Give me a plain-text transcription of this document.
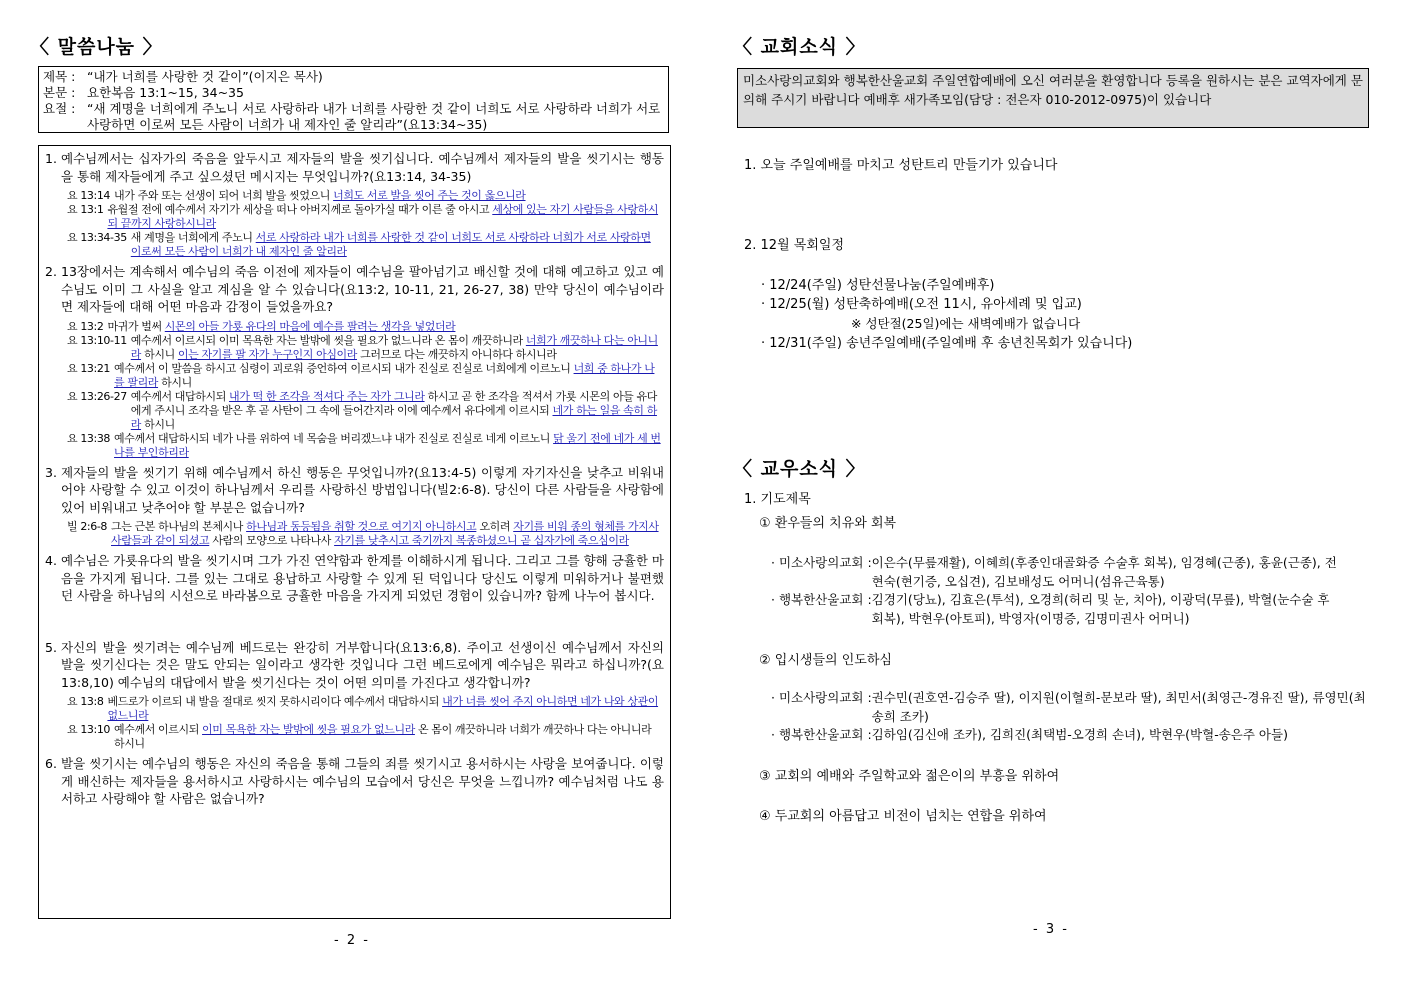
〈 말씀나눔 〉
제목 : “내가 너희를 사랑한 것 같이”(이지은 목사)
본문 : 요한복음 13:1~15, 34~35
요절 : “새 계명을 너희에게 주노니 서로 사랑하라 내가 너희를 사랑한 것 같이 너희도 서로 사랑하라 너희가 서로 사랑하면 이로써 모든 사람이 너희가 내 제자인 줄 알리라”(요13:34~35)
1. 예수님께서는 십자가의 죽음을 앞두시고 제자들의 발을 씻기십니다. 예수님께서 제자들의 발을 씻기시는 행동을 통해 제자들에게 주고 싶으셨던 메시지는 무엇입니까?(요13:14, 34-35)
요 13:14 내가 주와 또는 선생이 되어 너희 발을 씻었으니 너희도 서로 발을 씻어 주는 것이 옳으니라
요 13:1 유월절 전에 예수께서 자기가 세상을 떠나 아버지께로 돌아가실 때가 이른 줄 아시고 세상에 있는 자기 사람들을 사랑하시되 끝까지 사랑하시니라
요 13:34-35 새 계명을 너희에게 주노니 서로 사랑하라 내가 너희를 사랑한 것 같이 너희도 서로 사랑하라 너희가 서로 사랑하면 이로써 모든 사람이 너희가 내 제자인 줄 알리라
2. 13장에서는 계속해서 예수님의 죽음 이전에 제자들이 예수님을 팔아넘기고 배신할 것에 대해 예고하고 있고 예수님도 이미 그 사실을 알고 계심을 알 수 있습니다(요13:2, 10-11, 21, 26-27, 38) 만약 당신이 예수님이라면 제자들에 대해 어떤 마음과 감정이 들었을까요?
요 13:2 마귀가 벌써 시몬의 아들 가룟 유다의 마음에 예수를 팔려는 생각을 넣었더라
요 13:10-11 예수께서 이르시되 이미 목욕한 자는 발밖에 씻을 필요가 없느니라 온 몸이 깨끗하니라 너희가 깨끗하나 다는 아니니라 하시니 이는 자기를 팔 자가 누구인지 아심이라 그러므로 다는 깨끗하지 아니하다 하시니라
요 13:21 예수께서 이 말씀을 하시고 심령이 괴로워 증언하여 이르시되 내가 진실로 진실로 너희에게 이르노니 너희 중 하나가 나를 팔리라 하시니
요 13:26-27 예수께서 대답하시되 내가 떡 한 조각을 적셔다 주는 자가 그니라 하시고 곧 한 조각을 적셔서 가룟 시몬의 아들 유다에게 주시니 조각을 받은 후 곧 사탄이 그 속에 들어간지라 이에 예수께서 유다에게 이르시되 네가 하는 일을 속히 하라 하시니
요 13:38 예수께서 대답하시되 네가 나를 위하여 네 목숨을 버리겠느냐 내가 진실로 진실로 네게 이르노니 닭 울기 전에 네가 세 번 나를 부인하리라
3. 제자들의 발을 씻기기 위해 예수님께서 하신 행동은 무엇입니까?(요13:4-5) 이렇게 자기자신을 낮추고 비워내어야 사랑할 수 있고 이것이 하나님께서 우리를 사랑하신 방법입니다(빌2:6-8). 당신이 다른 사람들을 사랑함에 있어 비워내고 낮추어야 할 부분은 없습니까?
빌 2:6-8 그는 근본 하나님의 본체시나 하나님과 동등됨을 취할 것으로 여기지 아니하시고 오히려 자기를 비워 종의 형체를 가지사 사람들과 같이 되셨고 사람의 모양으로 나타나사 자기를 낮추시고 죽기까지 복종하셨으니 곧 십자가에 죽으심이라
4. 예수님은 가룟유다의 발을 씻기시며 그가 가진 연약함과 한계를 이해하시게 됩니다. 그리고 그를 향해 긍휼한 마음을 가지게 됩니다. 그를 있는 그대로 용납하고 사랑할 수 있게 된 덕입니다 당신도 이렇게 미워하거나 불편했던 사람을 하나님의 시선으로 바라봄으로 긍휼한 마음을 가지게 되었던 경험이 있습니까? 함께 나누어 봅시다.
5. 자신의 발을 씻기려는 예수님께 베드로는 완강히 거부합니다(요13:6,8). 주이고 선생이신 예수님께서 자신의 발을 씻기신다는 것은 말도 안되는 일이라고 생각한 것입니다 그런 베드로에게 예수님은 뭐라고 하십니까?(요13:8,10) 예수님의 대답에서 발을 씻기신다는 것이 어떤 의미를 가진다고 생각합니까?
요 13:8 베드로가 이르되 내 발을 절대로 씻지 못하시리이다 예수께서 대답하시되 내가 너를 씻어 주지 아니하면 네가 나와 상관이 없느니라
요 13:10 예수께서 이르시되 이미 목욕한 자는 발밖에 씻을 필요가 없느니라 온 몸이 깨끗하니라 너희가 깨끗하나 다는 아니니라 하시니
6. 발을 씻기시는 예수님의 행동은 자신의 죽음을 통해 그들의 죄를 씻기시고 용서하시는 사랑을 보여줍니다. 이렇게 배신하는 제자들을 용서하시고 사랑하시는 예수님의 모습에서 당신은 무엇을 느낍니까? 예수님처럼 나도 용서하고 사랑해야 할 사람은 없습니까?
- 2 -
〈 교회소식 〉
미소사랑의교회와 행복한산울교회 주일연합예배에 오신 여러분을 환영합니다 등록을 원하시는 분은 교역자에게 문의해 주시기 바랍니다 예배후 새가족모임(담당 : 전은자 010-2012-0975)이 있습니다
1. 오늘 주일예배를 마치고 성탄트리 만들기가 있습니다
2. 12월 목회일정
· 12/24(주일) 성탄선물나눔(주일예배후)
· 12/25(월) 성탄축하예배(오전 11시, 유아세례 및 입교)
※ 성탄절(25일)에는 새벽예배가 없습니다
· 12/31(주일) 송년주일예배(주일예배 후 송년친목회가 있습니다)
〈 교우소식 〉
1. 기도제목
① 환우들의 치유와 회복
· 미소사랑의교회 : 이은수(무릎재활), 이혜희(후종인대골화증 수술후 회복), 임경혜(근종), 홍윤(근종), 전현숙(현기증, 오십견), 김보배성도 어머니(섬유근육통)
· 행복한산울교회 : 김경기(당뇨), 김효은(투석), 오경희(허리 및 눈, 치아), 이광덕(무릎), 박혈(눈수술 후 회복), 박현우(아토피), 박영자(이명증, 김명미권사 어머니)
② 입시생들의 인도하심
· 미소사랑의교회 : 권수민(권호연-김승주 딸), 이지원(이혈희-문보라 딸), 최민서(최영근-경유진 딸), 류영민(최송희 조카)
· 행복한산울교회 : 김하임(김신애 조카), 김희진(최택범-오경희 손녀), 박현우(박혈-송은주 아들)
③ 교회의 예배와 주일학교와 젊은이의 부흥을 위하여
④ 두교회의 아름답고 비전이 넘치는 연합을 위하여
- 3 -
